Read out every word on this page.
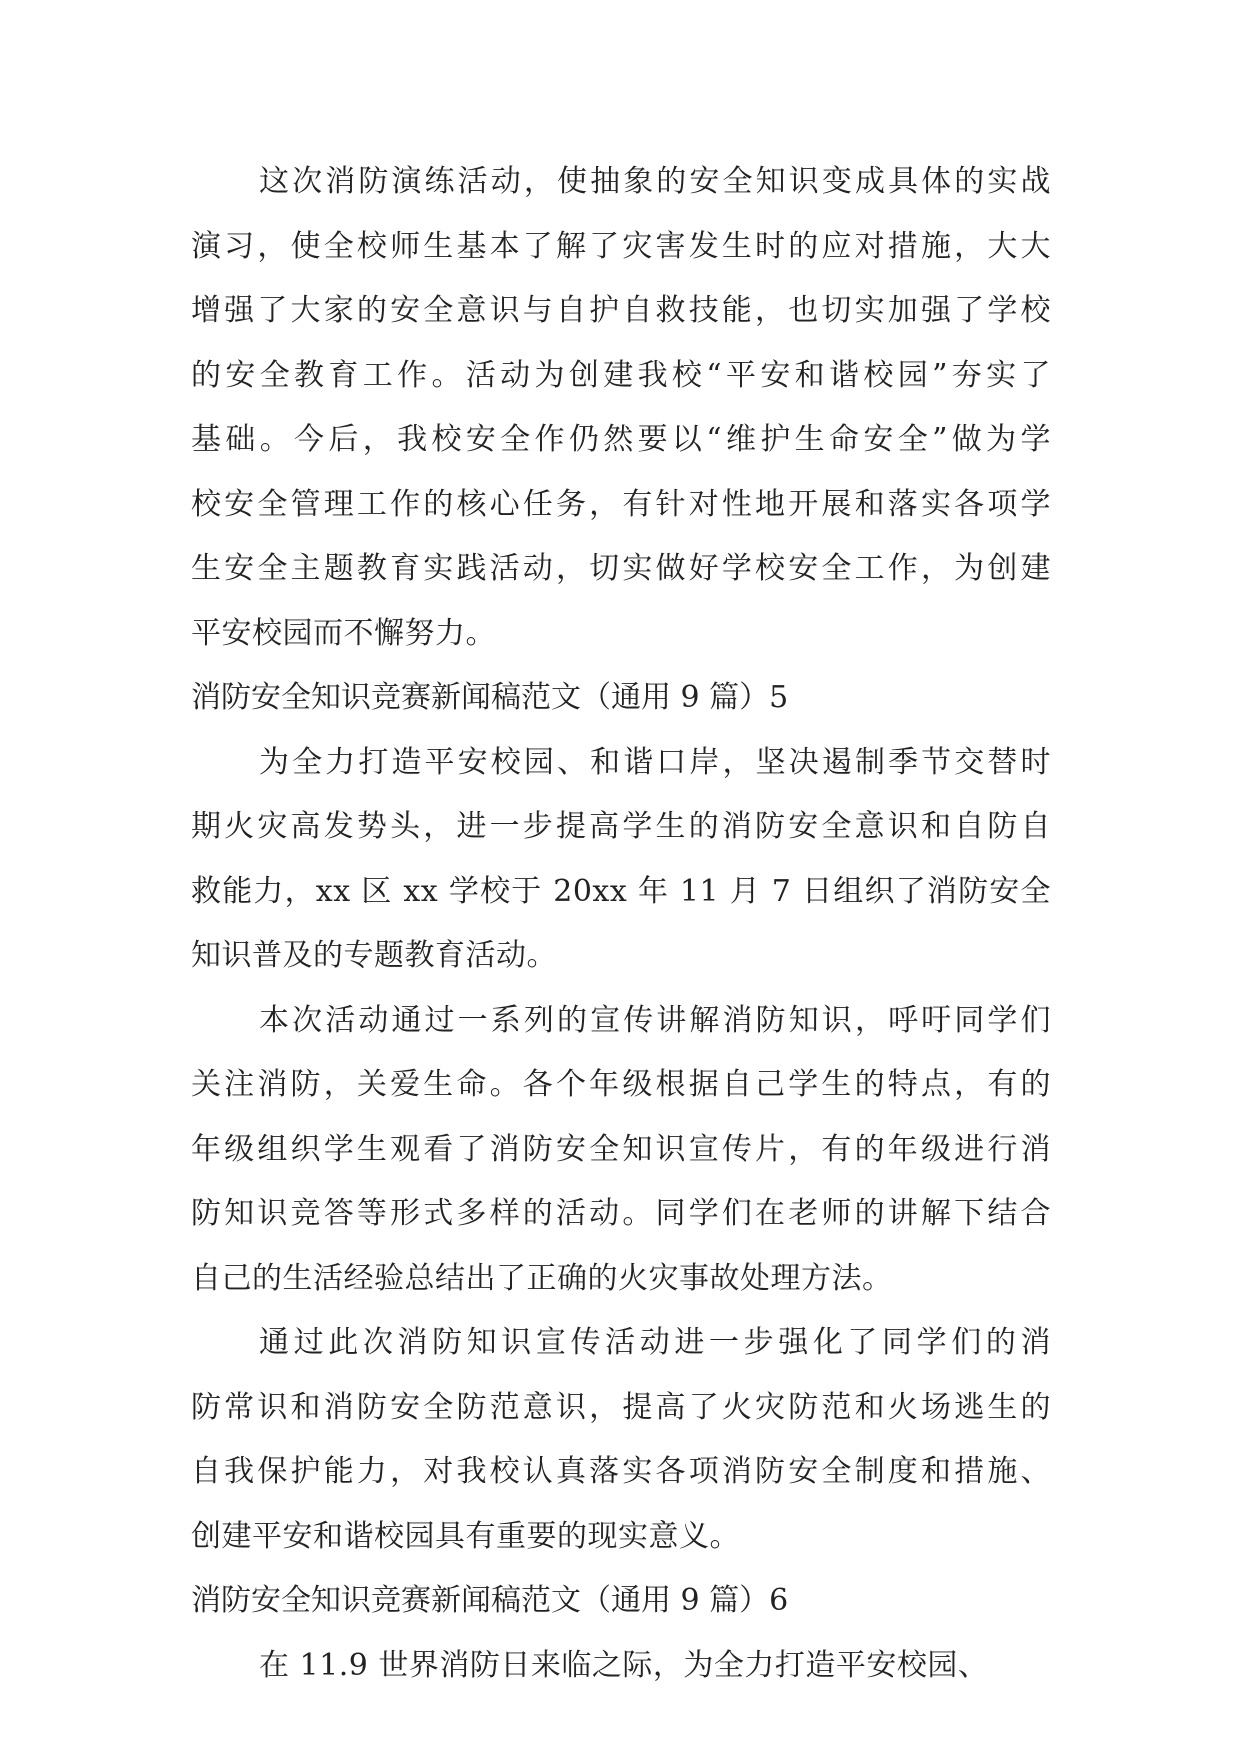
这次消防演练活动，使抽象的安全知识变成具体的实战
演习，使全校师生基本了解了灾害发生时的应对措施，大大
增强了大家的安全意识与自护自救技能，也切实加强了学校
的安全教育工作。活动为创建我校“平安和谐校园”夯实了
基础。今后，我校安全作仍然要以“维护生命安全”做为学
校安全管理工作的核心任务，有针对性地开展和落实各项学
生安全主题教育实践活动，切实做好学校安全工作，为创建
平安校园而不懈努力。
消防安全知识竞赛新闻稿范文（通用 9 篇）5
为全力打造平安校园、和谐口岸，坚决遏制季节交替时
期火灾高发势头，进一步提高学生的消防安全意识和自防自
救能力，xx 区 xx 学校于 20xx 年 11 月 7 日组织了消防安全
知识普及的专题教育活动。
本次活动通过一系列的宣传讲解消防知识，呼吁同学们
关注消防，关爱生命。各个年级根据自己学生的特点，有的
年级组织学生观看了消防安全知识宣传片，有的年级进行消
防知识竞答等形式多样的活动。同学们在老师的讲解下结合
自己的生活经验总结出了正确的火灾事故处理方法。
通过此次消防知识宣传活动进一步强化了同学们的消
防常识和消防安全防范意识，提高了火灾防范和火场逃生的
自我保护能力，对我校认真落实各项消防安全制度和措施、
创建平安和谐校园具有重要的现实意义。
消防安全知识竞赛新闻稿范文（通用 9 篇）6
在 11.9 世界消防日来临之际，为全力打造平安校园、
